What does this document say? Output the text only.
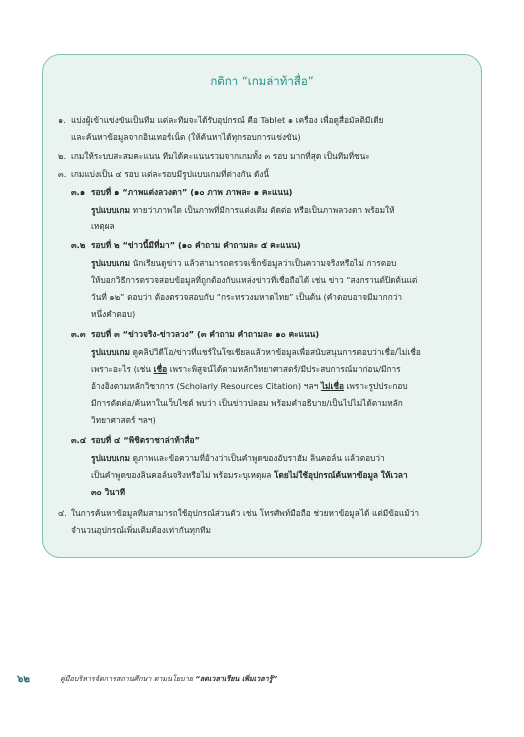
กติกา “เกมล่าท้าสื่อ”
๑. แบ่งผู้เข้าแข่งขันเป็นทีม แต่ละทีมจะได้รับอุปกรณ์ คือ Tablet ๑ เครื่อง เพื่อดูสื่อมัลติมีเดีย
และค้นหาข้อมูลจากอินเทอร์เน็ต (ให้ค้นหาได้ทุกรอบการแข่งขัน)
๒. เกมให้ระบบสะสมคะแนน ทีมได้คะแนนรวมจากเกมทั้ง ๓ รอบ มากที่สุด เป็นทีมที่ชนะ
๓. เกมแบ่งเป็น ๔ รอบ แต่ละรอบมีรูปแบบเกมที่ต่างกัน ดังนี้
๓.๑ รอบที่ ๑ “ภาพแต่งลวงตา” (๑๐ ภาพ ภาพละ ๑ คะแนน)
รูปแบบเกม ทายว่าภาพใด เป็นภาพที่มีการแต่งเติม ตัดต่อ หรือเป็นภาพลวงตา พร้อมให้
เหตุผล
๓.๒ รอบที่ ๒ “ข่าวนี้มีที่มา” (๑๐ คำถาม คำถามละ ๕ คะแนน)
รูปแบบเกม นักเรียนดูข่าว แล้วสามารถตรวจเช็กข้อมูลว่าเป็นความจริงหรือไม่ การตอบ
ให้บอกวิธีการตรวจสอบข้อมูลที่ถูกต้องกับแหล่งข่าวที่เชื่อถือได้ เช่น ข่าว “สงกรานต์ปิดต้นแต่
วันที่ ๑๒” ตอบว่า ต้องตรวจสอบกับ “กระทรวงมหาดไทย” เป็นต้น (คำตอบอาจมีมากกว่า
หนึ่งคำตอบ)
๓.๓ รอบที่ ๓ “ข่าวจริง-ข่าวลวง” (๓ คำถาม คำถามละ ๑๐ คะแนน)
รูปแบบเกม ดูคลิปวิดีโอ/ข่าวที่แชร์ในโซเชียลแล้วหาข้อมูลเพื่อสนับสนุนการตอบว่าเชื่อ/ไม่เชื่อ
เพราะอะไร (เช่น เชื่อ เพราะพิสูจน์ได้ตามหลักวิทยาศาสตร์/มีประสบการณ์มาก่อน/มีการ
อ้างอิงตามหลักวิชาการ (Scholarly Resources Citation) ฯลฯ ไม่เชื่อ เพราะรูปประกอบ
มีการตัดต่อ/ค้นหาในเว็บไซต์ พบว่า เป็นข่าวปลอม พร้อมคำอธิบาย/เป็นไปไม่ได้ตามหลัก
วิทยาศาสตร์ ฯลฯ)
๓.๔ รอบที่ ๔ “พิชิตราชาล่าท้าสื่อ”
รูปแบบเกม ดูภาพและข้อความที่อ้างว่าเป็นคำพูดของอับราฮัม ลินคอล์น แล้วตอบว่า
เป็นคำพูดของลินคอล์นจริงหรือไม่ พร้อมระบุเหตุผล โดยไม่ใช้อุปกรณ์ค้นหาข้อมูล ให้เวลา
๓๐ วินาที
๔. ในการค้นหาข้อมูลทีมสามารถใช้อุปกรณ์ส่วนตัว เช่น โทรศัพท์มือถือ ช่วยหาข้อมูลได้ แต่มีข้อแม้ว่า
จำนวนอุปกรณ์เพิ่มเติมต้องเท่ากันทุกทีม
๖๒	คู่มือบริหารจัดการสถานศึกษา ตามนโยบาย “ลดเวลาเรียน เพิ่มเวลารู้”
